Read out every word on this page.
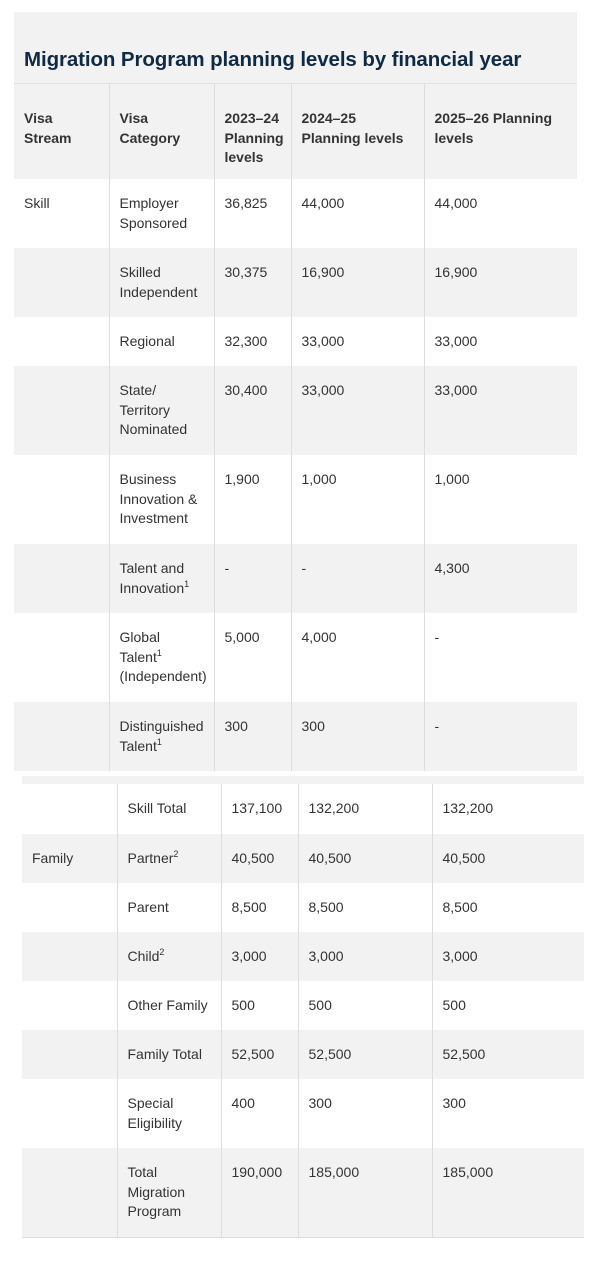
Migration Program planning levels by financial year
Visa Stream	Visa Category	2023–24 Planning levels	2024–25 Planning levels	2025–26 Planning levels
Skill	Employer Sponsored	36,825	44,000	44,000
	Skilled Independent	30,375	16,900	16,900
	Regional	32,300	33,000	33,000
	State/ Territory Nominated	30,400	33,000	33,000
	Business Innovation & Investment	1,900	1,000	1,000
	Talent and Innovation$^1$	-	-	4,300
	Global Talent$^1$ (Independent)	5,000	4,000	-
	Distinguished Talent$^1$	300	300	-

	Skill Total	137,100	132,200	132,200
Family	Partner$^2$	40,500	40,500	40,500
	Parent	8,500	8,500	8,500
	Child$^2$	3,000	3,000	3,000
	Other Family	500	500	500
	Family Total	52,500	52,500	52,500
	Special Eligibility	400	300	300
	Total Migration Program	190,000	185,000	185,000
